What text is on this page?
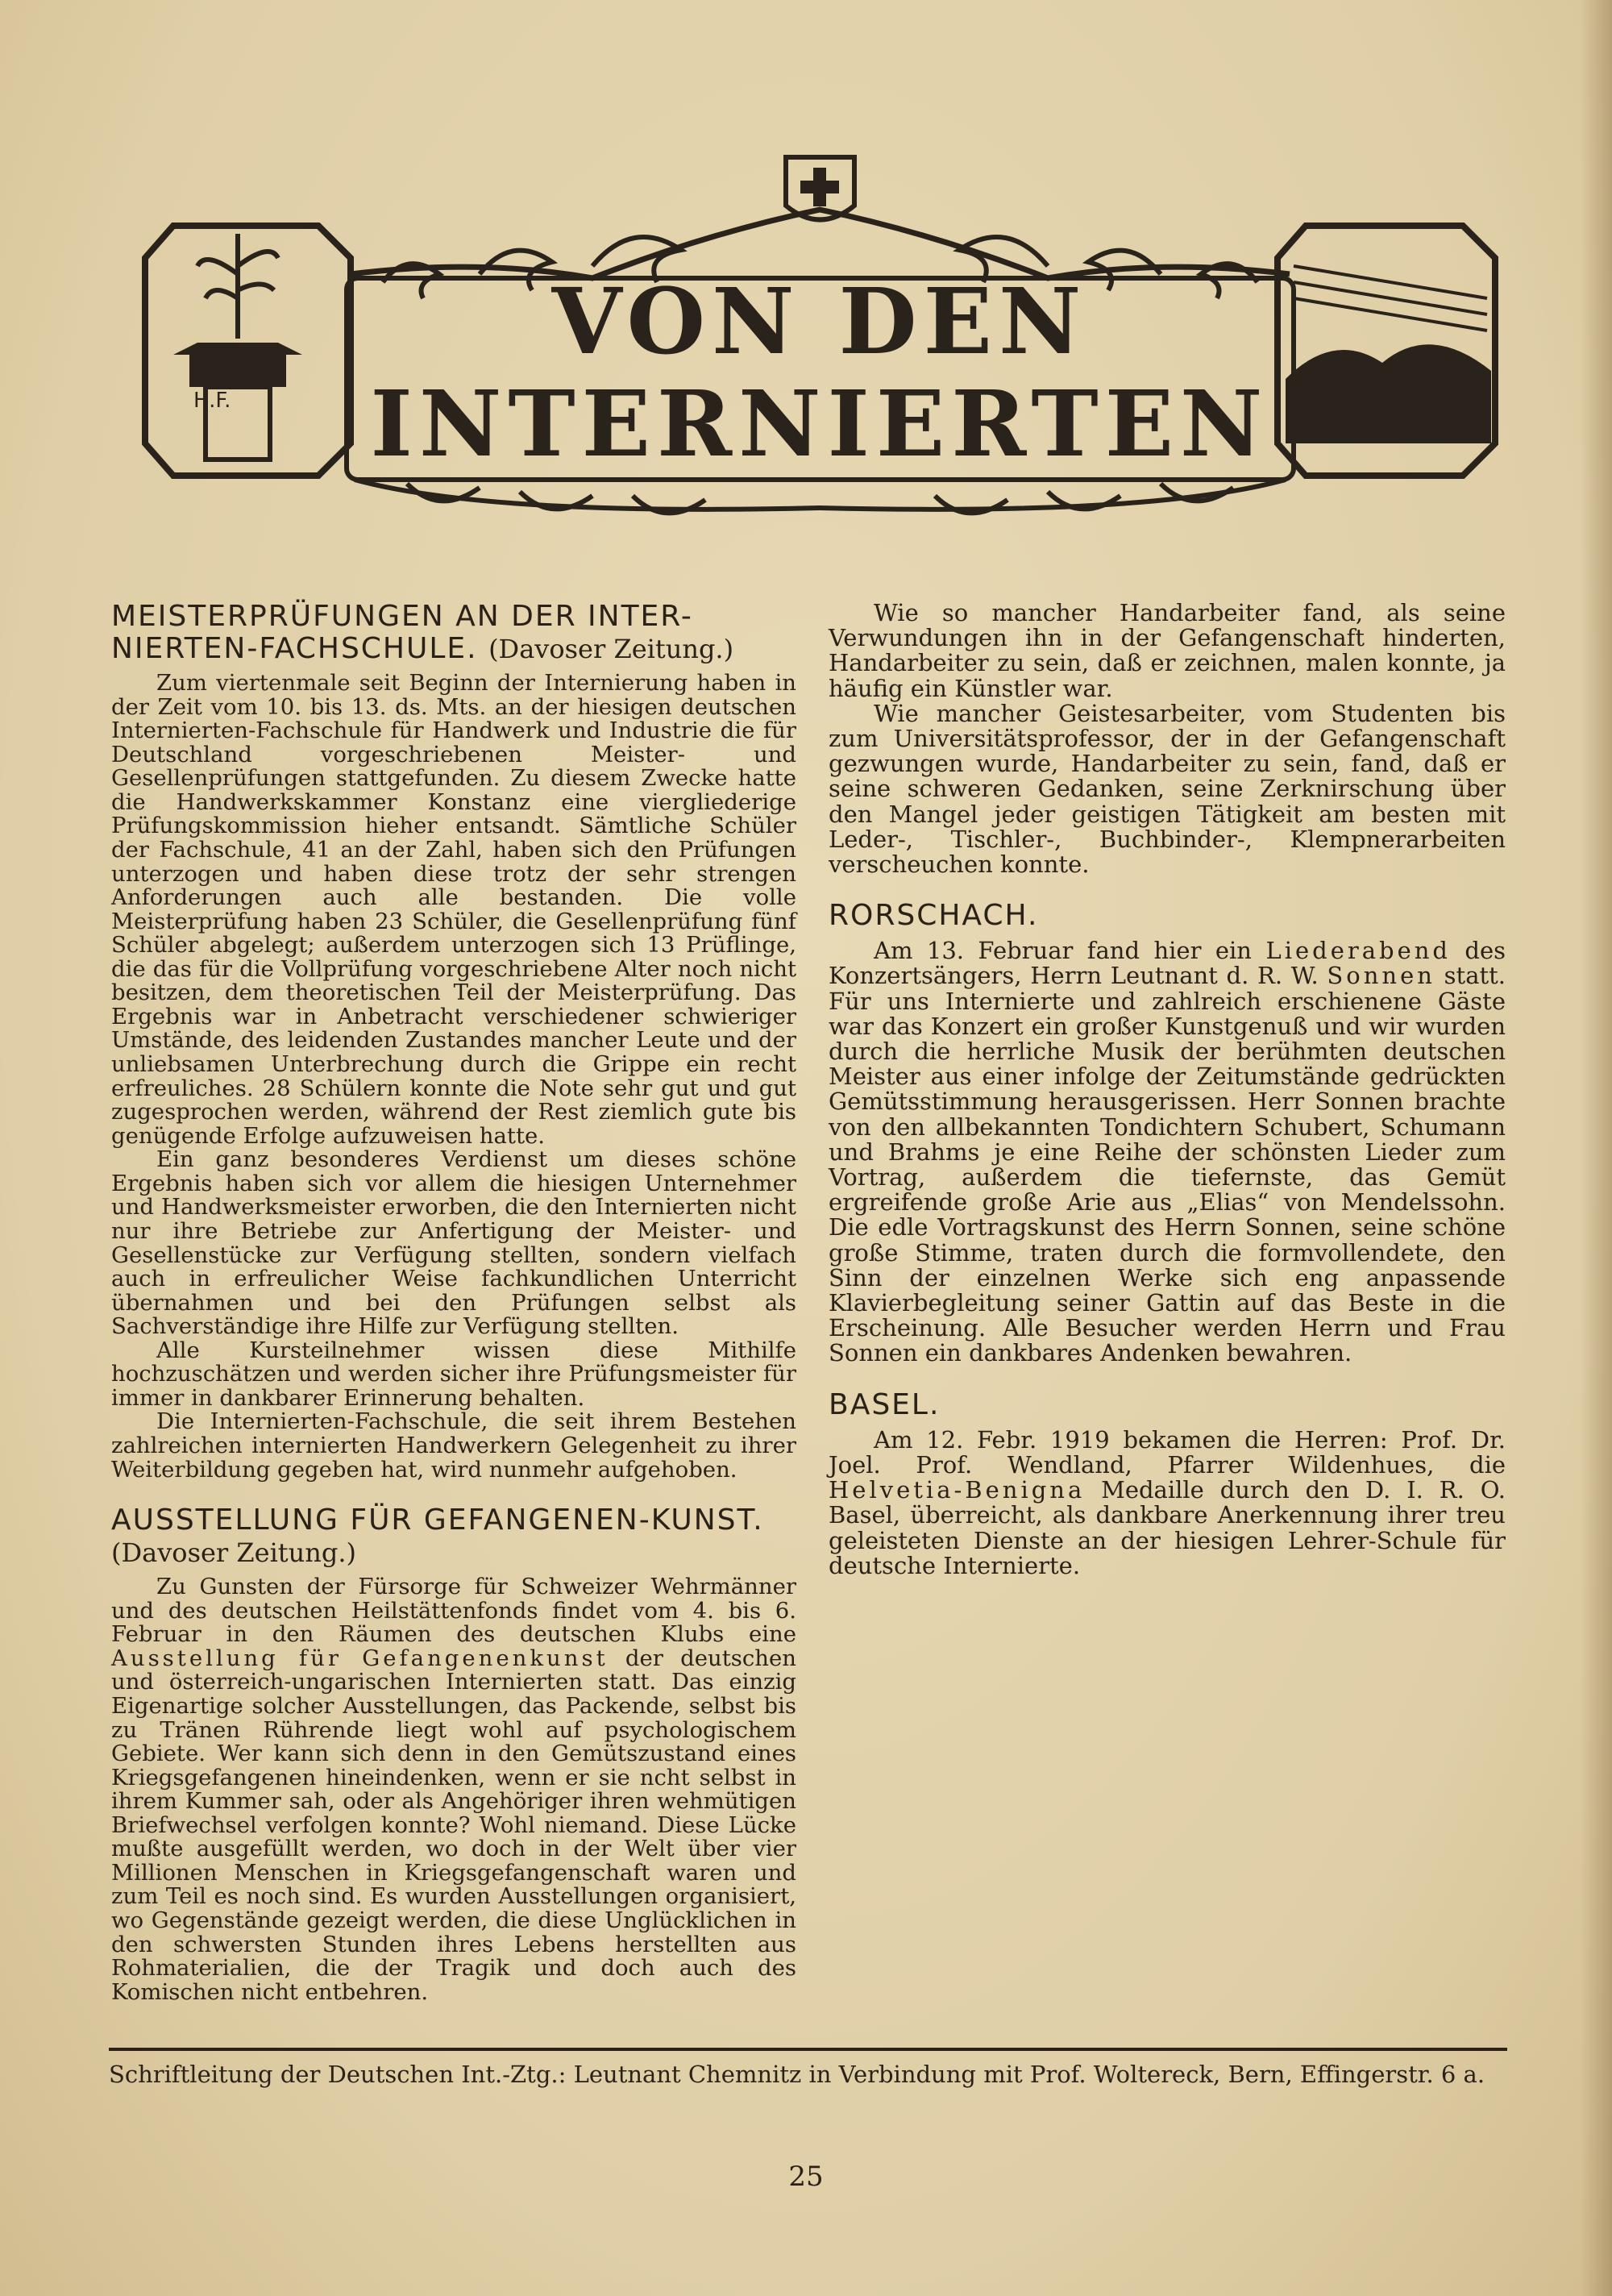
VON DEN
INTERNIERTEN
H.F.
MEISTERPRÜFUNGEN AN DER INTER-NIERTEN-FACHSCHULE. (Davoser Zeitung.)

Zum viertenmale seit Beginn der Internierung haben in der Zeit vom 10. bis 13. ds. Mts. an der hiesigen deutschen Internierten-Fachschule für Handwerk und Industrie die für Deutschland vorgeschriebenen Meister- und Gesellenprüfungen stattgefunden. Zu diesem Zwecke hatte die Handwerkskammer Konstanz eine viergliederige Prüfungskommission hieher entsandt. Sämtliche Schüler der Fachschule, 41 an der Zahl, haben sich den Prüfungen unterzogen und haben diese trotz der sehr strengen Anforderungen auch alle bestanden. Die volle Meisterprüfung haben 23 Schüler, die Gesellenprüfung fünf Schüler abgelegt; außerdem unterzogen sich 13 Prüflinge, die das für die Vollprüfung vorgeschriebene Alter noch nicht besitzen, dem theoretischen Teil der Meisterprüfung. Das Ergebnis war in Anbetracht verschiedener schwieriger Umstände, des leidenden Zustandes mancher Leute und der unliebsamen Unterbrechung durch die Grippe ein recht erfreuliches. 28 Schülern konnte die Note sehr gut und gut zugesprochen werden, während der Rest ziemlich gute bis genügende Erfolge aufzuweisen hatte.

Ein ganz besonderes Verdienst um dieses schöne Ergebnis haben sich vor allem die hiesigen Unternehmer und Handwerksmeister erworben, die den Internierten nicht nur ihre Betriebe zur Anfertigung der Meister- und Gesellenstücke zur Verfügung stellten, sondern vielfach auch in erfreulicher Weise fachkundlichen Unterricht übernahmen und bei den Prüfungen selbst als Sachverständige ihre Hilfe zur Verfügung stellten.

Alle Kursteilnehmer wissen diese Mithilfe hochzuschätzen und werden sicher ihre Prüfungsmeister für immer in dankbarer Erinnerung behalten.

Die Internierten-Fachschule, die seit ihrem Bestehen zahlreichen internierten Handwerkern Gelegenheit zu ihrer Weiterbildung gegeben hat, wird nunmehr aufgehoben.

AUSSTELLUNG FÜR GEFANGENEN-KUNST. (Davoser Zeitung.)

Zu Gunsten der Fürsorge für Schweizer Wehrmänner und des deutschen Heilstättenfonds findet vom 4. bis 6. Februar in den Räumen des deutschen Klubs eine Ausstellung für Gefangenenkunst der deutschen und österreich-ungarischen Internierten statt. Das einzig Eigenartige solcher Ausstellungen, das Packende, selbst bis zu Tränen Rührende liegt wohl auf psychologischem Gebiete. Wer kann sich denn in den Gemütszustand eines Kriegsgefangenen hineindenken, wenn er sie ncht selbst in ihrem Kummer sah, oder als Angehöriger ihren wehmütigen Briefwechsel verfolgen konnte? Wohl niemand. Diese Lücke mußte ausgefüllt werden, wo doch in der Welt über vier Millionen Menschen in Kriegsgefangenschaft waren und zum Teil es noch sind. Es wurden Ausstellungen organisiert, wo Gegenstände gezeigt werden, die diese Unglücklichen in den schwersten Stunden ihres Lebens herstellten aus Rohmaterialien, die der Tragik und doch auch des Komischen nicht entbehren.

Wie so mancher Handarbeiter fand, als seine Verwundungen ihn in der Gefangenschaft hinderten, Handarbeiter zu sein, daß er zeichnen, malen konnte, ja häufig ein Künstler war.

Wie mancher Geistesarbeiter, vom Studenten bis zum Universitätsprofessor, der in der Gefangenschaft gezwungen wurde, Handarbeiter zu sein, fand, daß er seine schweren Gedanken, seine Zerknirschung über den Mangel jeder geistigen Tätigkeit am besten mit Leder-, Tischler-, Buchbinder-, Klempnerarbeiten verscheuchen konnte.

RORSCHACH.

Am 13. Februar fand hier ein Liederabend des Konzertsängers, Herrn Leutnant d. R. W. Sonnen statt. Für uns Internierte und zahlreich erschienene Gäste war das Konzert ein großer Kunstgenuß und wir wurden durch die herrliche Musik der berühmten deutschen Meister aus einer infolge der Zeitumstände gedrückten Gemütsstimmung herausgerissen. Herr Sonnen brachte von den allbekannten Tondichtern Schubert, Schumann und Brahms je eine Reihe der schönsten Lieder zum Vortrag, außerdem die tiefernste, das Gemüt ergreifende große Arie aus „Elias“ von Mendelssohn. Die edle Vortragskunst des Herrn Sonnen, seine schöne große Stimme, traten durch die formvollendete, den Sinn der einzelnen Werke sich eng anpassende Klavierbegleitung seiner Gattin auf das Beste in die Erscheinung. Alle Besucher werden Herrn und Frau Sonnen ein dankbares Andenken bewahren.

BASEL.

Am 12. Febr. 1919 bekamen die Herren: Prof. Dr. Joel. Prof. Wendland, Pfarrer Wildenhues, die Helvetia-Benigna Medaille durch den D. I. R. O. Basel, überreicht, als dankbare Anerkennung ihrer treu geleisteten Dienste an der hiesigen Lehrer-Schule für deutsche Internierte.

Schriftleitung der Deutschen Int.-Ztg.: Leutnant Chemnitz in Verbindung mit Prof. Woltereck, Bern, Effingerstr. 6 a.
25
